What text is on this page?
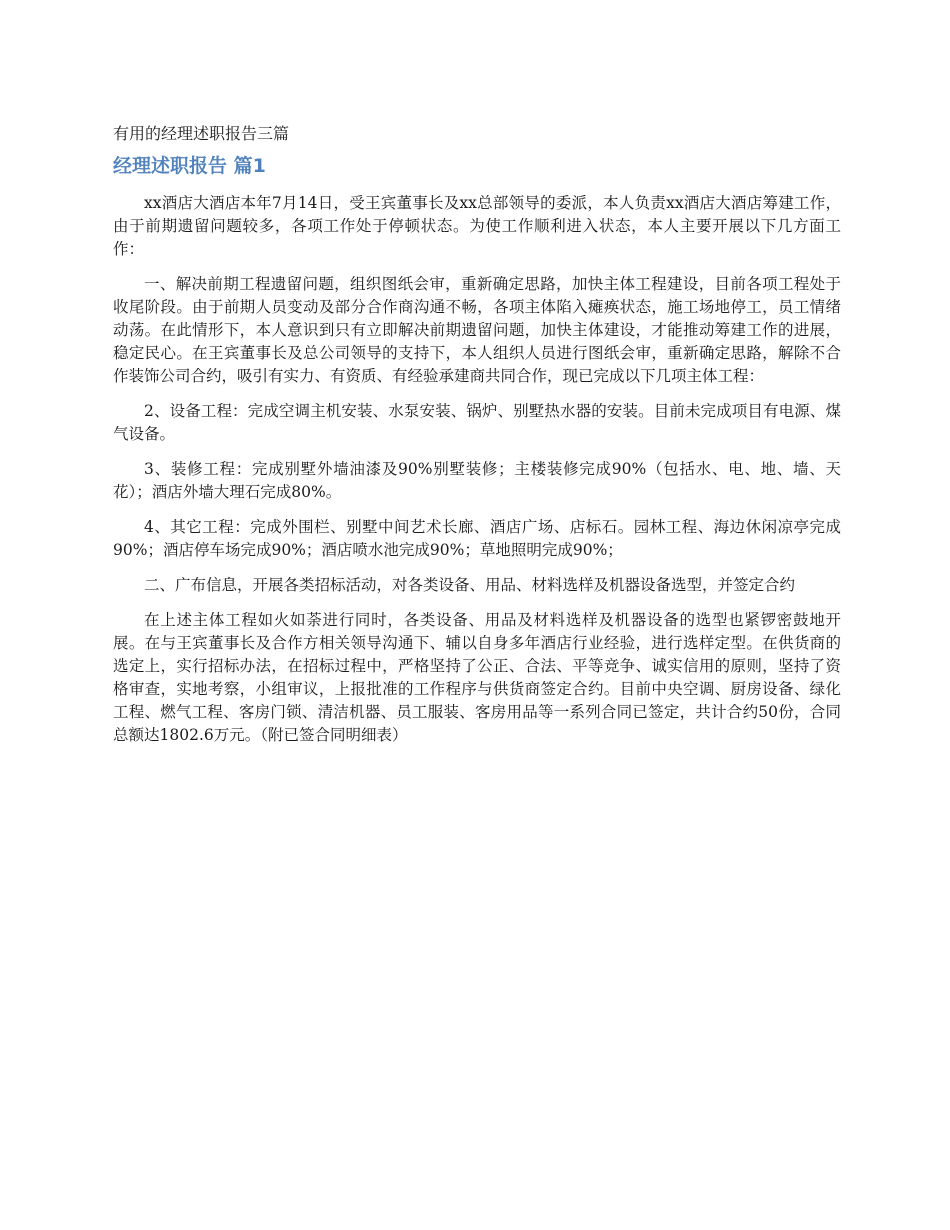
有用的经理述职报告三篇
经理述职报告 篇1

xx酒店大酒店本年7月14日，受王宾董事长及xx总部领导的委派，本人负责xx酒店大酒店筹建工作，由于前期遗留问题较多，各项工作处于停顿状态。为使工作顺利进入状态，本人主要开展以下几方面工作：

一、解决前期工程遗留问题，组织图纸会审，重新确定思路，加快主体工程建设，目前各项工程处于收尾阶段。由于前期人员变动及部分合作商沟通不畅，各项主体陷入瘫痪状态，施工场地停工，员工情绪动荡。在此情形下，本人意识到只有立即解决前期遗留问题，加快主体建设，才能推动筹建工作的进展，稳定民心。在王宾董事长及总公司领导的支持下，本人组织人员进行图纸会审，重新确定思路，解除不合作装饰公司合约，吸引有实力、有资质、有经验承建商共同合作，现已完成以下几项主体工程：

2、设备工程：完成空调主机安装、水泵安装、锅炉、别墅热水器的安装。目前未完成项目有电源、煤气设备。

3、装修工程：完成别墅外墙油漆及90%别墅装修；主楼装修完成90%（包括水、电、地、墙、天花）；酒店外墙大理石完成80%。

4、其它工程：完成外围栏、别墅中间艺术长廊、酒店广场、店标石。园林工程、海边休闲凉亭完成90%；酒店停车场完成90%；酒店喷水池完成90%；草地照明完成90%；

二、广布信息，开展各类招标活动，对各类设备、用品、材料选样及机器设备选型，并签定合约

在上述主体工程如火如荼进行同时，各类设备、用品及材料选样及机器设备的选型也紧锣密鼓地开展。在与王宾董事长及合作方相关领导沟通下、辅以自身多年酒店行业经验，进行选样定型。在供货商的选定上，实行招标办法，在招标过程中，严格坚持了公正、合法、平等竞争、诚实信用的原则，坚持了资格审查，实地考察，小组审议，上报批准的工作程序与供货商签定合约。目前中央空调、厨房设备、绿化工程、燃气工程、客房门锁、清洁机器、员工服装、客房用品等一系列合同已签定，共计合约50份，合同总额达1802.6万元。（附已签合同明细表）
